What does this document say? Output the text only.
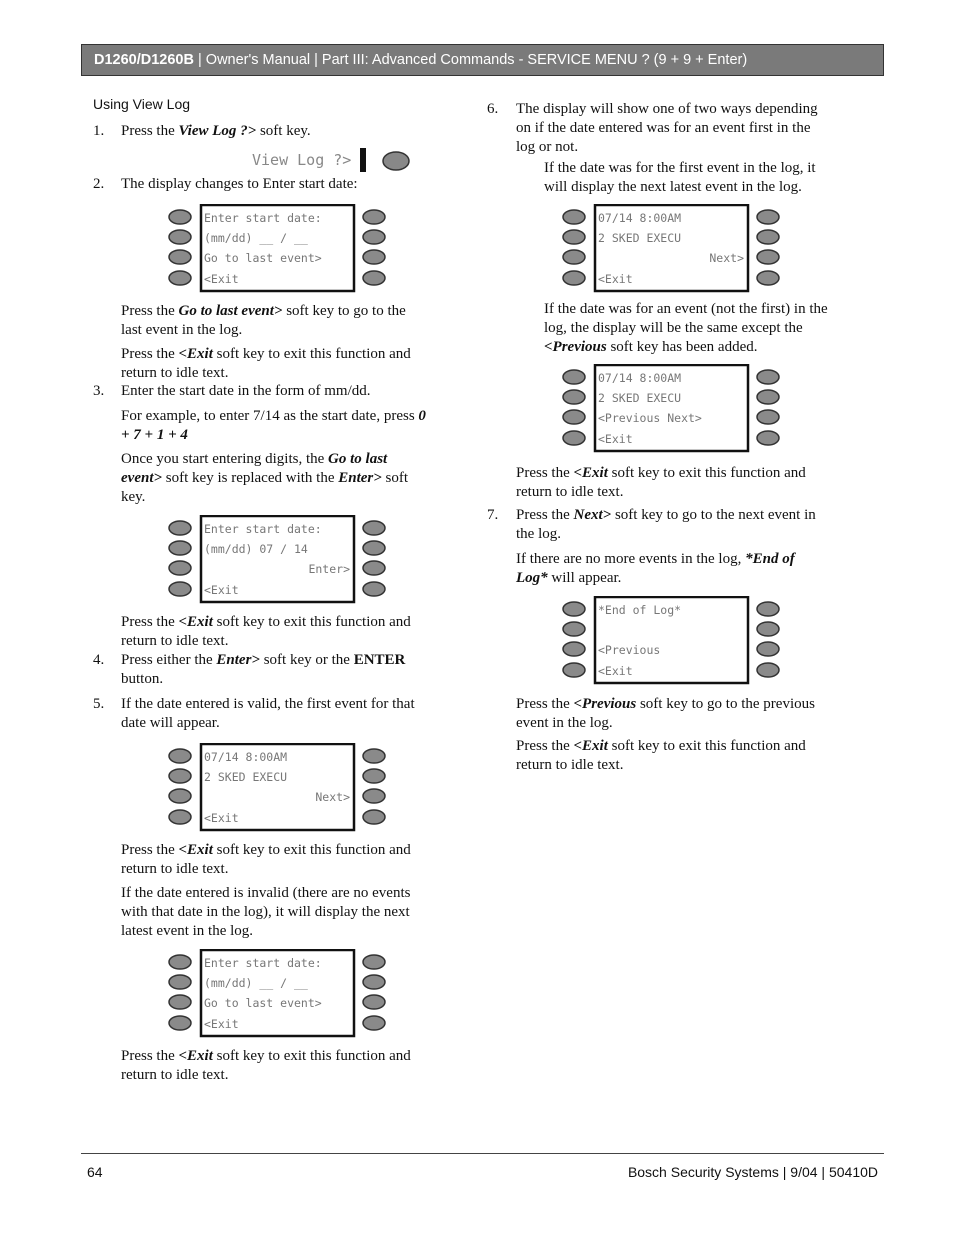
D1260/D1260B | Owner's Manual | Part III: Advanced Commands - SERVICE MENU ? (9 + 9 + Enter)
Using View Log
1. Press the View Log ?> soft key.
View Log ?>
2. The display changes to Enter start date:
Enter start date:
(mm/dd) __ / __
Go to last event>
<Exit
Press the Go to last event> soft key to go to the
last event in the log.
Press the <Exit soft key to exit this function and
return to idle text.
3. Enter the start date in the form of mm/dd.
For example, to enter 7/14 as the start date, press 0
+ 7 + 1 + 4
Once you start entering digits, the Go to last
event> soft key is replaced with the Enter> soft
key.
Enter start date:
(mm/dd) 07 / 14
Enter>
<Exit
Press the <Exit soft key to exit this function and
return to idle text.
4. Press either the Enter> soft key or the ENTER
button.
5. If the date entered is valid, the first event for that
date will appear.
07/14 8:00AM
2 SKED EXECU
Next>
<Exit
Press the <Exit soft key to exit this function and
return to idle text.
If the date entered is invalid (there are no events
with that date in the log), it will display the next
latest event in the log.
Enter start date:
(mm/dd) __ / __
Go to last event>
<Exit
Press the <Exit soft key to exit this function and
return to idle text.
6. The display will show one of two ways depending
on if the date entered was for an event first in the
log or not.
If the date was for the first event in the log, it
will display the next latest event in the log.
07/14 8:00AM
2 SKED EXECU
Next>
<Exit
If the date was for an event (not the first) in the
log, the display will be the same except the
<Previous soft key has been added.
07/14 8:00AM
2 SKED EXECU
<Previous Next>
<Exit
Press the <Exit soft key to exit this function and
return to idle text.
7. Press the Next> soft key to go to the next event in
the log.
If there are no more events in the log, *End of
Log* will appear.
*End of Log*
<Previous
<Exit
Press the <Previous soft key to go to the previous
event in the log.
Press the <Exit soft key to exit this function and
return to idle text.
64	Bosch Security Systems | 9/04 | 50410D
